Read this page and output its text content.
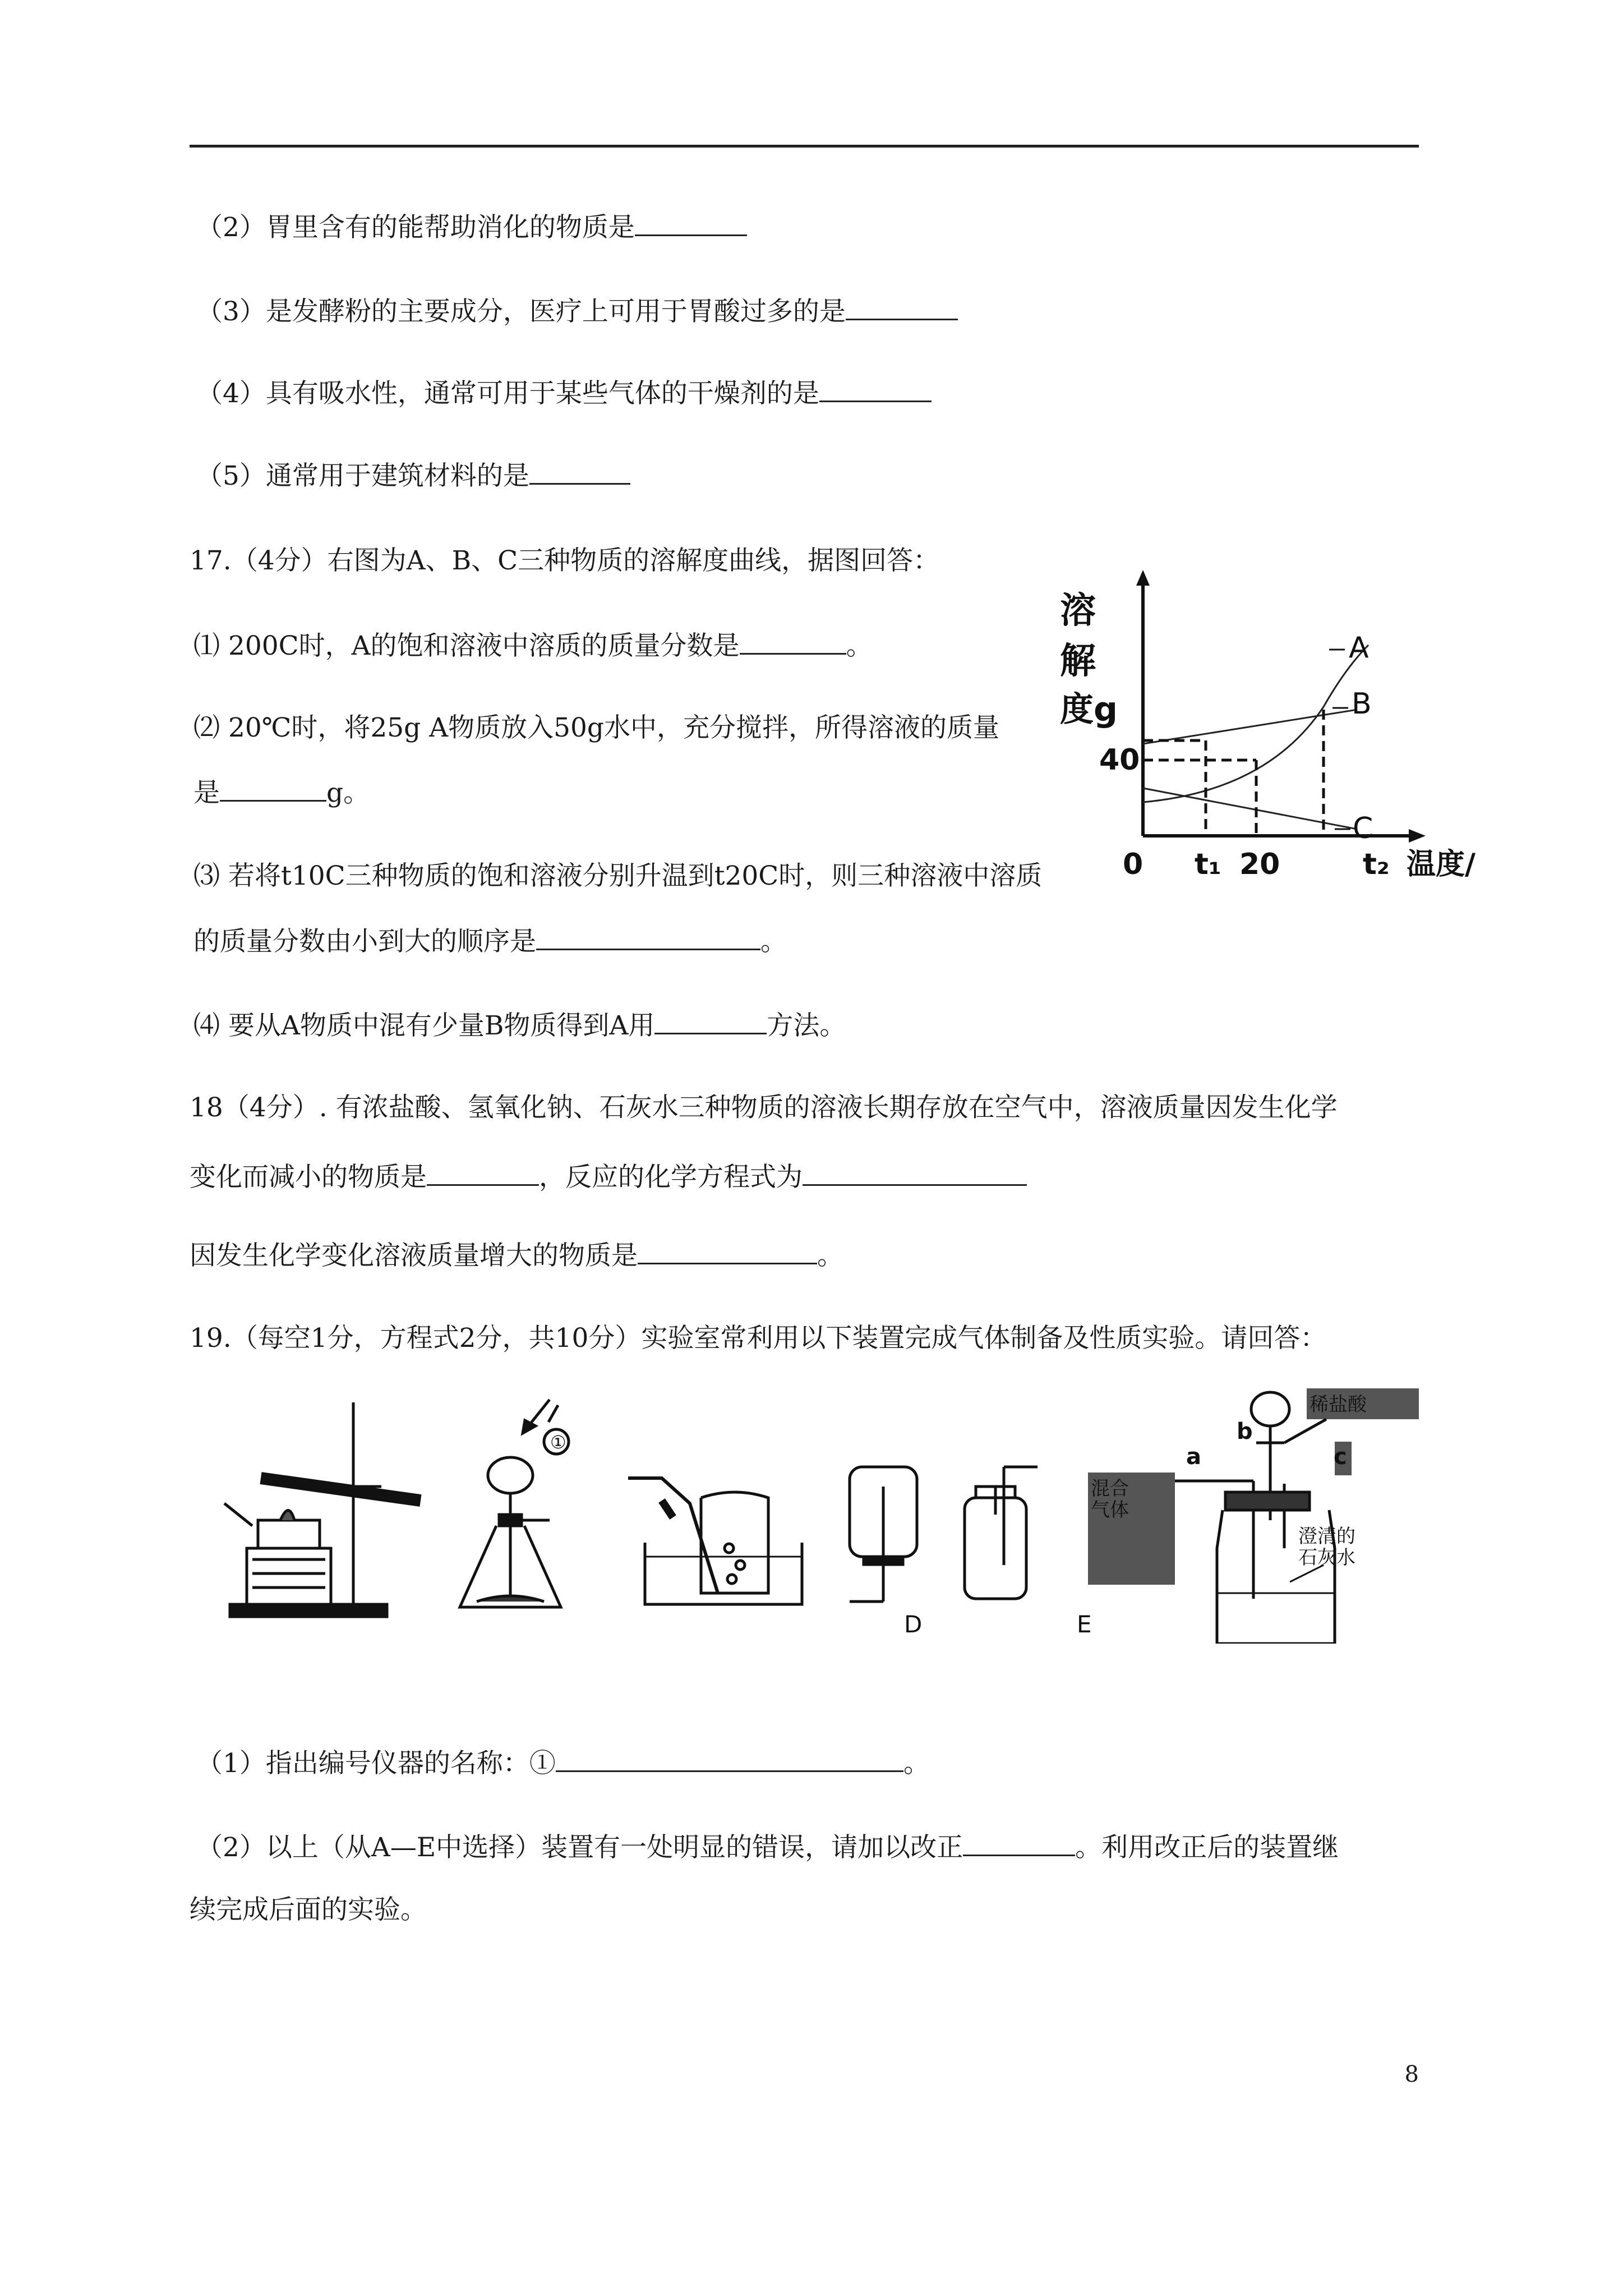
（2）胃里含有的能帮助消化的物质是
（3）是发酵粉的主要成分，医疗上可用于胃酸过多的是
（4）具有吸水性，通常可用于某些气体的干燥剂的是
（5）通常用于建筑材料的是
17.（4分）右图为A、B、C三种物质的溶解度曲线，据图回答：
⑴ 200C时，A的饱和溶液中溶质的质量分数是	。
⑵ 20℃时，将25g A物质放入50g水中，充分搅拌，所得溶液的质量
是	g。
⑶ 若将t10C三种物质的饱和溶液分别升温到t20C时，则三种溶液中溶质
的质量分数由小到大的顺序是	。
⑷ 要从A物质中混有少量B物质得到A用	方法。
溶
解
度g
40
0 t₁ 20	t₂ 温度/
A
B
C
18（4分）. 有浓盐酸、氢氧化钠、石灰水三种物质的溶液长期存放在空气中，溶液质量因发生化学
变化而减小的物质是	，反应的化学方程式为
因发生化学变化溶液质量增大的物质是	。
19.（每空1分，方程式2分，共10分）实验室常利用以下装置完成气体制备及性质实验。请回答：
①
D	E
混合
气体
稀盐酸
c
a
b
澄清的
石灰水
（1）指出编号仪器的名称：①	。
（2）以上（从A—E中选择）装置有一处明显的错误，请加以改正	。利用改正后的装置继
续完成后面的实验。
8
